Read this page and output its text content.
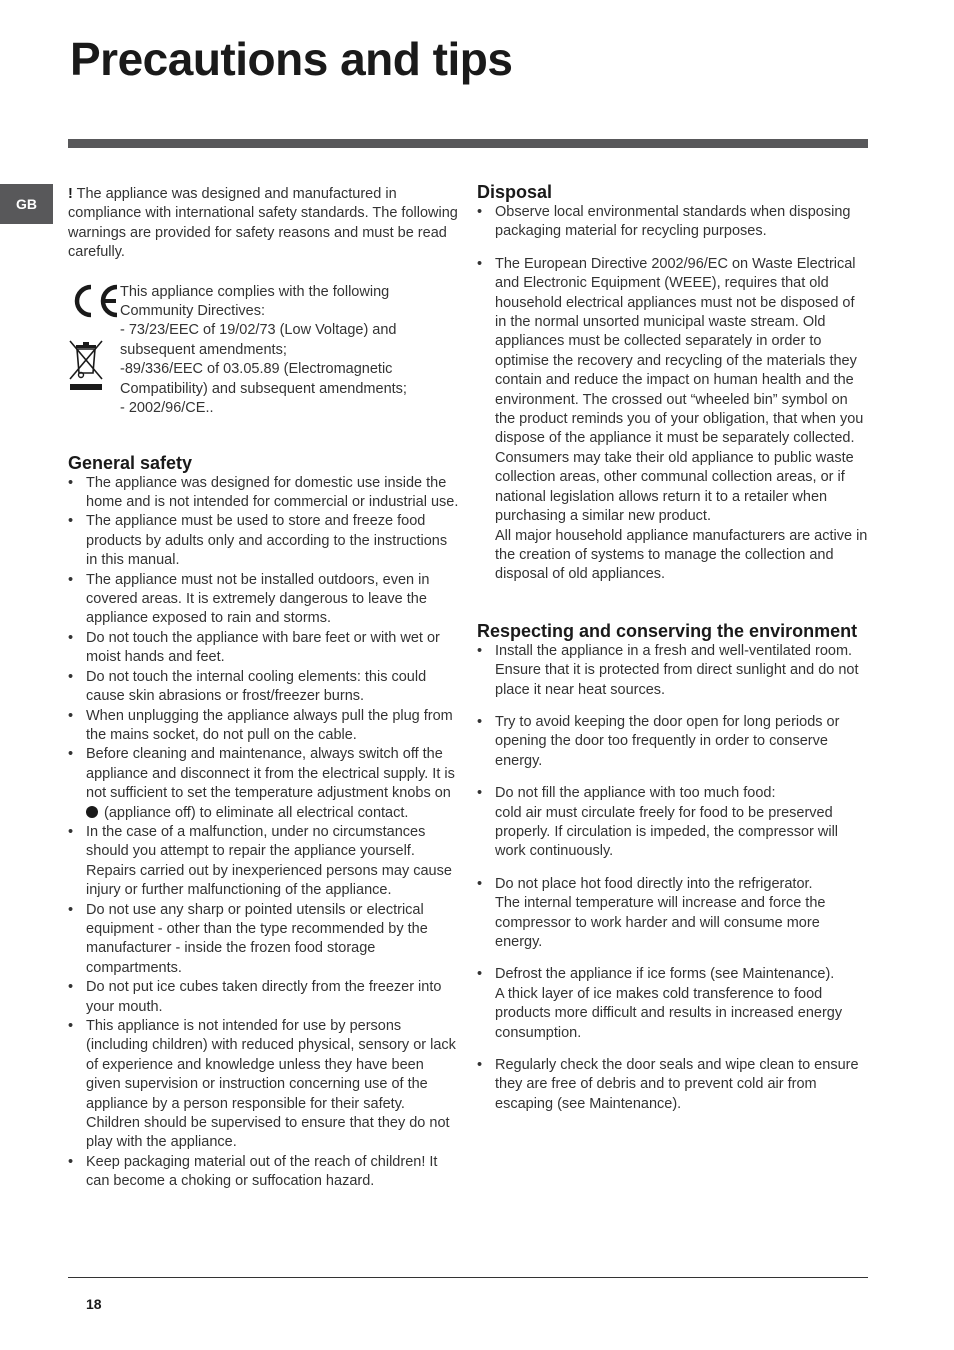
Precautions and tips
GB

! The appliance was designed and manufactured in compliance with international safety standards. The following warnings are provided for safety reasons and must be read carefully.

This appliance complies with the following Community Directives:
- 73/23/EEC of 19/02/73 (Low Voltage) and subsequent amendments;
-89/336/EEC of 03.05.89 (Electromagnetic Compatibility) and subsequent amendments;
- 2002/96/CE..
General safety
• The appliance was designed for domestic use inside the home and is not intended for commercial or industrial use.
• The appliance must be used to store and freeze food products by adults only and according to the instructions in this manual.
• The appliance must not be installed outdoors, even in covered areas. It is extremely dangerous to leave the appliance exposed to rain and storms.
• Do not touch the appliance with bare feet or with wet or moist hands and feet.
• Do not touch the internal cooling elements: this could cause skin abrasions or frost/freezer burns.
• When unplugging the appliance always pull the plug from the mains socket, do not pull on the cable.
• Before cleaning and maintenance, always switch off the appliance and disconnect it from the electrical supply. It is not sufficient to set the temperature adjustment knobs on  (appliance off) to eliminate all electrical contact.
• In the case of a malfunction, under no circumstances should you attempt to repair the appliance yourself. Repairs carried out by inexperienced persons may cause injury or further malfunctioning of the appliance.
• Do not use any sharp or pointed utensils or electrical equipment - other than the type recommended by the manufacturer - inside the frozen food storage compartments.
• Do not put ice cubes taken directly from the freezer into your mouth.
• This appliance is not intended for use by persons (including children) with reduced physical, sensory or lack of experience and knowledge unless they have been given supervision or instruction concerning use of the appliance by a person responsible for their safety. Children should be supervised to ensure that they do not play with the appliance.
• Keep packaging material out of the reach of children! It can become a choking or suffocation hazard.
Disposal
• Observe local environmental standards when disposing packaging material for recycling purposes.
• The European Directive 2002/96/EC on Waste Electrical and Electronic Equipment (WEEE), requires that old household electrical appliances must not be disposed of in the normal unsorted municipal waste stream. Old appliances must be collected separately in order to optimise the recovery and recycling of the materials they contain and reduce the impact on human health and the environment. The crossed out “wheeled bin” symbol on the product reminds you of your obligation, that when you dispose of the appliance it must be separately collected.
Consumers may take their old appliance to public waste collection areas, other communal collection areas, or if national legislation allows return it to a retailer when purchasing a similar new product.
All major household appliance manufacturers are active in the creation of systems to manage the collection and disposal of old appliances.
Respecting and conserving the environment
• Install the appliance in a fresh and well-ventilated room. Ensure that it is protected from direct sunlight and do not place it near heat sources.
• Try to avoid keeping the door open for long periods or opening the door too frequently in order to conserve energy.
• Do not fill the appliance with too much food:
cold air must circulate freely for food to be preserved properly. If circulation is impeded, the compressor will work continuously.
• Do not place hot food directly into the refrigerator.
The internal temperature will increase and force the compressor to work harder and will consume more energy.
• Defrost the appliance if ice forms (see Maintenance).
A thick layer of ice makes cold transference to food products more difficult and results in increased energy consumption.
• Regularly check the door seals and wipe clean to ensure they are free of debris and to prevent cold air from escaping (see Maintenance).
18
